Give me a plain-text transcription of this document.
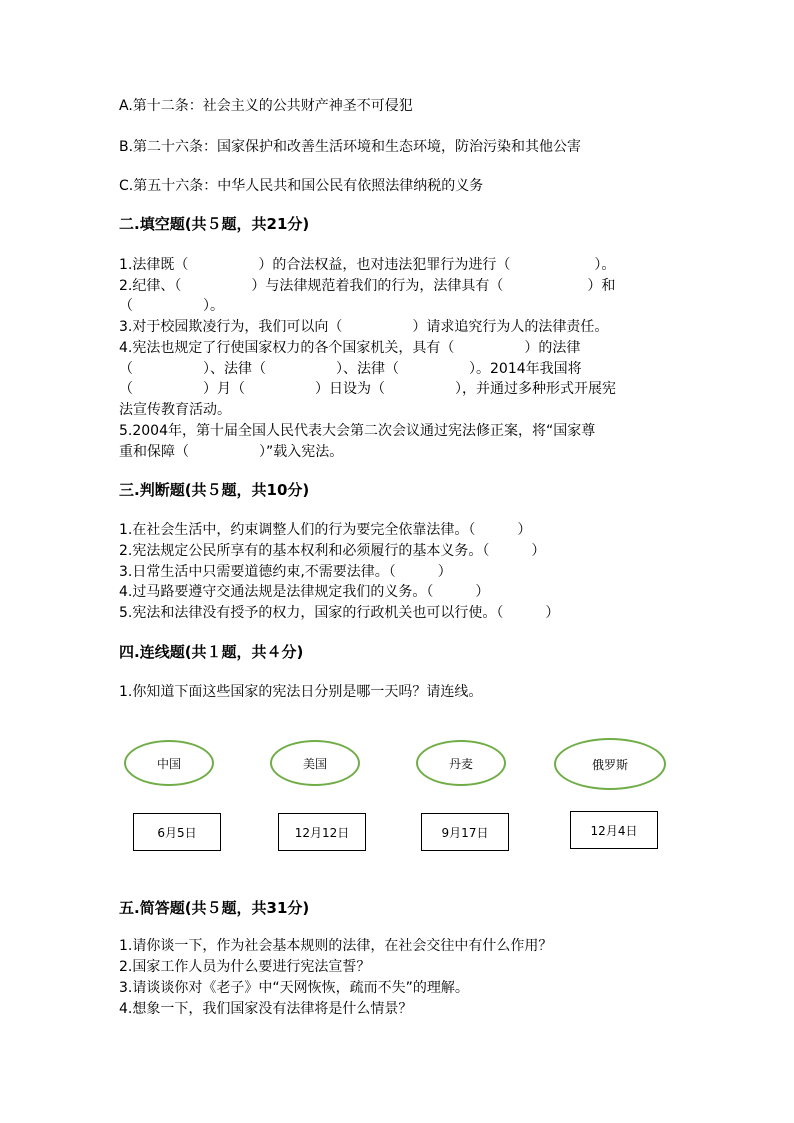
A.第十二条：社会主义的公共财产神圣不可侵犯
B.第二十六条：国家保护和改善生活环境和生态环境，防治污染和其他公害
C.第五十六条：中华人民共和国公民有依照法律纳税的义务
二.填空题(共５题，共21分)
1.法律既（　　　　　）的合法权益，也对违法犯罪行为进行（　　　　　　）。
2.纪律、（　　　　　）与法律规范着我们的行为，法律具有（　　　　　　）和
（　　　　　）。
3.对于校园欺凌行为，我们可以向（　　　　　）请求追究行为人的法律责任。
4.宪法也规定了行使国家权力的各个国家机关，具有（　　　　　）的法律
（　　　　　）、法律（　　　　　）、法律（　　　　　）。2014年我国将
（　　　　　）月（　　　　　）日设为（　　　　　），并通过多种形式开展宪
法宣传教育活动。
5.2004年，第十届全国人民代表大会第二次会议通过宪法修正案，将“国家尊
重和保障（　　　　　）”载入宪法。
三.判断题(共５题，共10分)
1.在社会生活中，约束调整人们的行为要完全依靠法律。（　　　）
2.宪法规定公民所享有的基本权利和必须履行的基本义务。（　　　）
3.日常生活中只需要道德约束,不需要法律。（　　　）
4.过马路要遵守交通法规是法律规定我们的义务。（　　　）
5.宪法和法律没有授予的权力，国家的行政机关也可以行使。（　　　）
四.连线题(共１题，共４分)
1.你知道下面这些国家的宪法日分别是哪一天吗？请连线。
中国	美国	丹麦	俄罗斯
6月5日	12月12日	9月17日	12月4日
五.简答题(共５题，共31分)
1.请你谈一下，作为社会基本规则的法律，在社会交往中有什么作用？
2.国家工作人员为什么要进行宪法宣誓？
3.请谈谈你对《老子》中“天网恢恢，疏而不失”的理解。
4.想象一下，我们国家没有法律将是什么情景？
